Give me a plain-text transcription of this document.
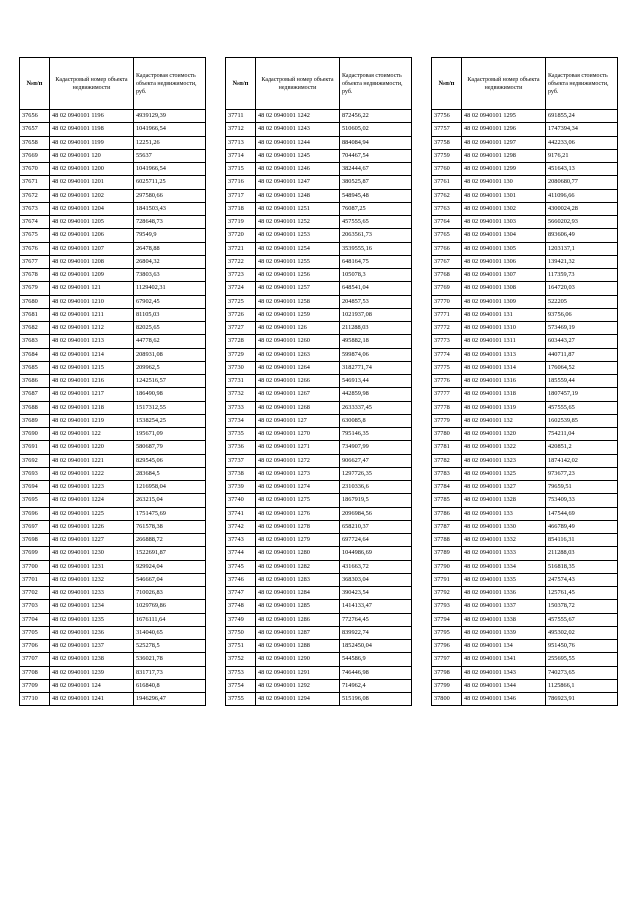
№п/п	Кадастровый номер объекта недвижимости	Кадастровая стоимость объекта недвижимости, руб.
37656	48 02 0940101 1196	4939129,39
37657	48 02 0940101 1198	1041966,54
37658	48 02 0940101 1199	12251,26
37669	48 02 0940101 120	55637
37670	48 02 0940101 1200	1041966,54
37671	48 02 0940101 1201	6025711,25
37672	48 02 0940101 1202	297580,66
37673	48 02 0940101 1204	1841503,43
37674	48 02 0940101 1205	728648,73
37675	48 02 0940101 1206	79549,9
37676	48 02 0940101 1207	26478,88
37677	48 02 0940101 1208	26804,32
37678	48 02 0940101 1209	73803,63
37679	48 02 0940101 121	1129402,31
37680	48 02 0940101 1210	67902,45
37681	48 02 0940101 1211	81105,03
37682	48 02 0940101 1212	82025,65
37683	48 02 0940101 1213	44778,62
37684	48 02 0940101 1214	208931,08
37685	48 02 0940101 1215	209962,5
37686	48 02 0940101 1216	1242516,57
37687	48 02 0940101 1217	186490,98
37688	48 02 0940101 1218	1517312,55
37689	48 02 0940101 1219	1538254,25
37690	48 02 0940101 122	195671,09
37691	48 02 0940101 1220	580687,79
37692	48 02 0940101 1221	829545,06
37693	48 02 0940101 1222	283684,5
37694	48 02 0940101 1223	1216958,04
37695	48 02 0940101 1224	263215,04
37696	48 02 0940101 1225	1751475,69
37697	48 02 0940101 1226	761578,38
37698	48 02 0940101 1227	266888,72
37699	48 02 0940101 1230	1522691,87
37700	48 02 0940101 1231	929924,04
37701	48 02 0940101 1232	546667,04
37702	48 02 0940101 1233	710026,83
37703	48 02 0940101 1234	1029769,86
37704	48 02 0940101 1235	1676111,64
37705	48 02 0940101 1236	314040,65
37706	48 02 0940101 1237	525278,5
37707	48 02 0940101 1238	536021,78
37708	48 02 0940101 1239	831717,73
37709	48 02 0940101 124	616840,8
37710	48 02 0940101 1241	1946296,47
№п/п	Кадастровый номер объекта недвижимости	Кадастровая стоимость объекта недвижимости, руб.
37711	48 02 0940101 1242	872456,22
37712	48 02 0940101 1243	510605,02
37713	48 02 0940101 1244	884084,94
37714	48 02 0940101 1245	704467,54
37715	48 02 0940101 1246	382444,67
37716	48 02 0940101 1247	380525,87
37717	48 02 0940101 1248	548945,48
37718	48 02 0940101 1251	76087,25
37719	48 02 0940101 1252	457555,65
37720	48 02 0940101 1253	2063561,73
37721	48 02 0940101 1254	3539555,16
37722	48 02 0940101 1255	648164,75
37723	48 02 0940101 1256	105078,3
37724	48 02 0940101 1257	648541,04
37725	48 02 0940101 1258	204857,53
37726	48 02 0940101 1259	1021937,08
37727	48 02 0940101 126	211288,03
37728	48 02 0940101 1260	495882,18
37729	48 02 0940101 1263	599874,06
37730	48 02 0940101 1264	3182771,74
37731	48 02 0940101 1266	546913,44
37732	48 02 0940101 1267	442859,98
37733	48 02 0940101 1268	2633337,45
37734	48 02 0940101 127	630085,8
37735	48 02 0940101 1270	795146,35
37736	48 02 0940101 1271	734907,99
37737	48 02 0940101 1272	906627,47
37738	48 02 0940101 1273	1297726,35
37739	48 02 0940101 1274	2310336,6
37740	48 02 0940101 1275	1867919,5
37741	48 02 0940101 1276	2096984,56
37742	48 02 0940101 1278	658210,37
37743	48 02 0940101 1279	697724,64
37744	48 02 0940101 1280	1044986,69
37745	48 02 0940101 1282	431663,72
37746	48 02 0940101 1283	368303,04
37747	48 02 0940101 1284	390423,54
37748	48 02 0940101 1285	1414133,47
37749	48 02 0940101 1286	772764,45
37750	48 02 0940101 1287	839922,74
37751	48 02 0940101 1288	1852450,04
37752	48 02 0940101 1290	544586,9
37753	48 02 0940101 1291	746446,98
37754	48 02 0940101 1292	714962,4
37755	48 02 0940101 1294	515196,08
№п/п	Кадастровый номер объекта недвижимости	Кадастровая стоимость объекта недвижимости, руб.
37756	48 02 0940101 1295	691855,24
37757	48 02 0940101 1296	1747394,34
37758	48 02 0940101 1297	442233,06
37759	48 02 0940101 1298	9176,21
37760	48 02 0940101 1299	451643,13
37761	48 02 0940101 130	2080680,77
37762	48 02 0940101 1301	411096,66
37763	48 02 0940101 1302	4300024,28
37764	48 02 0940101 1303	5660202,93
37765	48 02 0940101 1304	893606,49
37766	48 02 0940101 1305	1203137,1
37767	48 02 0940101 1306	139421,32
37768	48 02 0940101 1307	117359,73
37769	48 02 0940101 1308	164720,03
37770	48 02 0940101 1309	522205
37771	48 02 0940101 131	93756,06
37772	48 02 0940101 1310	573469,19
37773	48 02 0940101 1311	603443,27
37774	48 02 0940101 1313	440711,87
37775	48 02 0940101 1314	176064,52
37776	48 02 0940101 1316	185559,44
37777	48 02 0940101 1318	1807457,19
37778	48 02 0940101 1319	457555,65
37779	48 02 0940101 132	1602539,85
37780	48 02 0940101 1320	754211,04
37781	48 02 0940101 1322	420851,2
37782	48 02 0940101 1323	1874142,02
37783	48 02 0940101 1325	973677,23
37784	48 02 0940101 1327	79659,51
37785	48 02 0940101 1328	753409,33
37786	48 02 0940101 133	147544,69
37787	48 02 0940101 1330	466789,49
37788	48 02 0940101 1332	854116,31
37789	48 02 0940101 1333	211288,03
37790	48 02 0940101 1334	516818,35
37791	48 02 0940101 1335	247574,43
37792	48 02 0940101 1336	125761,45
37793	48 02 0940101 1337	150378,72
37794	48 02 0940101 1338	457555,67
37795	48 02 0940101 1339	495302,02
37796	48 02 0940101 134	951450,76
37797	48 02 0940101 1341	255695,55
37798	48 02 0940101 1343	740273,65
37799	48 02 0940101 1344	1125866,1
37800	48 02 0940101 1346	786923,91
